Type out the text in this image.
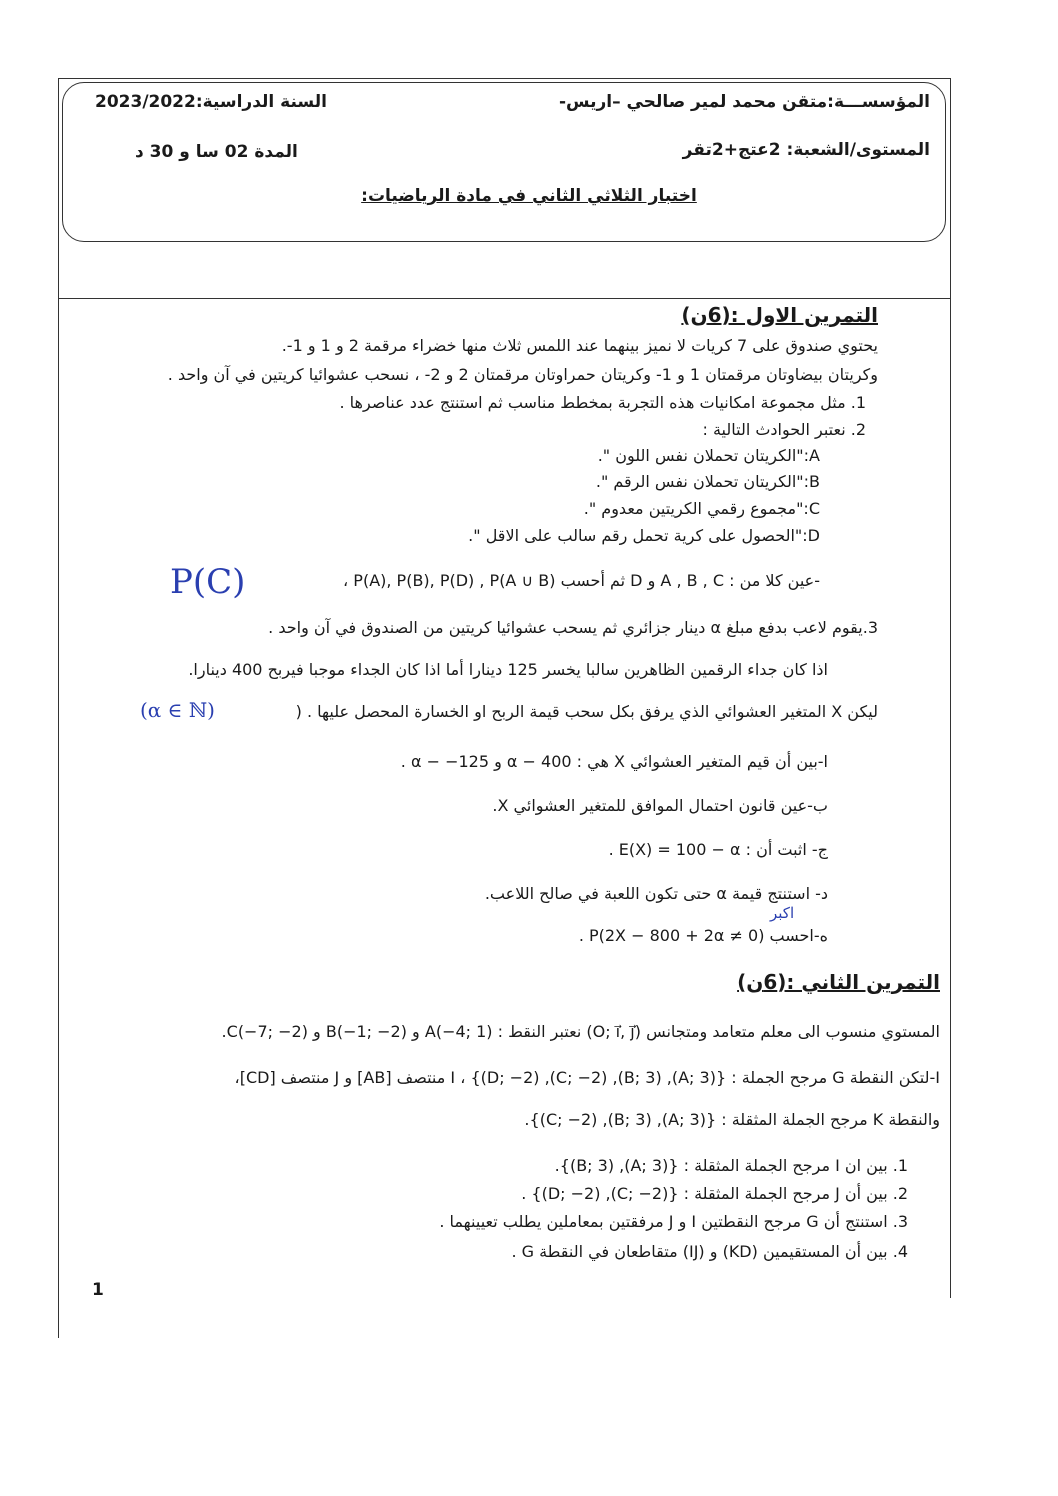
المؤسســـة:متقن محمد لمير صالحي –اريس-
السنة الدراسية:2023/2022
المستوى/الشعبة: 2عتج+2تقر
المدة 02 سا و 30 د
اختبار الثلاثي الثاني في مادة الرياضيات:
التمرين الاول :(6ن)
يحتوي صندوق على 7 كريات لا نميز بينهما عند اللمس ثلاث منها خضراء مرقمة 2 و 1 و 1-.
وكريتان بيضاوتان مرقمتان 1 و 1- وكريتان حمراوتان مرقمتان 2 و 2- ، نسحب عشوائيا كريتين في آن واحد .
1. مثل مجموعة امكانيات هذه التجربة بمخطط مناسب ثم استنتج عدد عناصرها .
2. نعتبر الحوادث التالية :
A:"الكريتان تحملان نفس اللون ".
B:"الكريتان تحملان نفس الرقم ".
C:"مجموع رقمي الكريتين معدوم ".
D:"الحصول على كرية تحمل رقم سالب على الاقل ".
-عين كلا من : A , B , C و D ثم أحسب P(A), P(B), P(D) , P(A ∪ B) ،
3.يقوم لاعب بدفع مبلغ α دينار جزائري ثم يسحب عشوائيا كريتين من الصندوق في آن واحد .
اذا كان جداء الرقمين الظاهرين سالبا يخسر 125 دينارا أما اذا كان الجداء موجبا فيربح 400 دينارا.
ليكن X المتغير العشوائي الذي يرفق بكل سحب قيمة الربح او الخسارة المحصل عليها . (
ا-بين أن قيم المتغير العشوائي X هي : α − 400 و α − −125 .
ب-عين قانون احتمال الموافق للمتغير العشوائي X.
ج- اثبت أن : E(X) = 100 − α .
د- استنتج قيمة α حتى تكون اللعبة في صالح اللاعب.
ه-احسب P(2X − 800 + 2α ≠ 0) .
P(C)
(α ∈ ℕ)
اكبر
التمرين الثاني :(6ن)
المستوي منسوب الى معلم متعامد ومتجانس (O; i⃗, j⃗) نعتبر النقط : A(−4; 1) و B(−1; −2) و C(−7; −2).
I-لتكن النقطة G مرجح الجملة : {(A; 3), (B; 3), (C; −2), (D; −2)} ، I منتصف [AB] و J منتصف [CD]،
والنقطة K مرجح الجملة المثقلة : {(A; 3), (B; 3), (C; −2)}.
1. بين ان I مرجح الجملة المثقلة : {(A; 3), (B; 3)}.
2. بين أن J مرجح الجملة المثقلة : {(C; −2), (D; −2)} .
3. استنتج أن G مرجح النقطتين I و J مرفقتين بمعاملين يطلب تعيينهما .
4. بين أن المستقيمين (KD) و (IJ) متقاطعان في النقطة G .
1
